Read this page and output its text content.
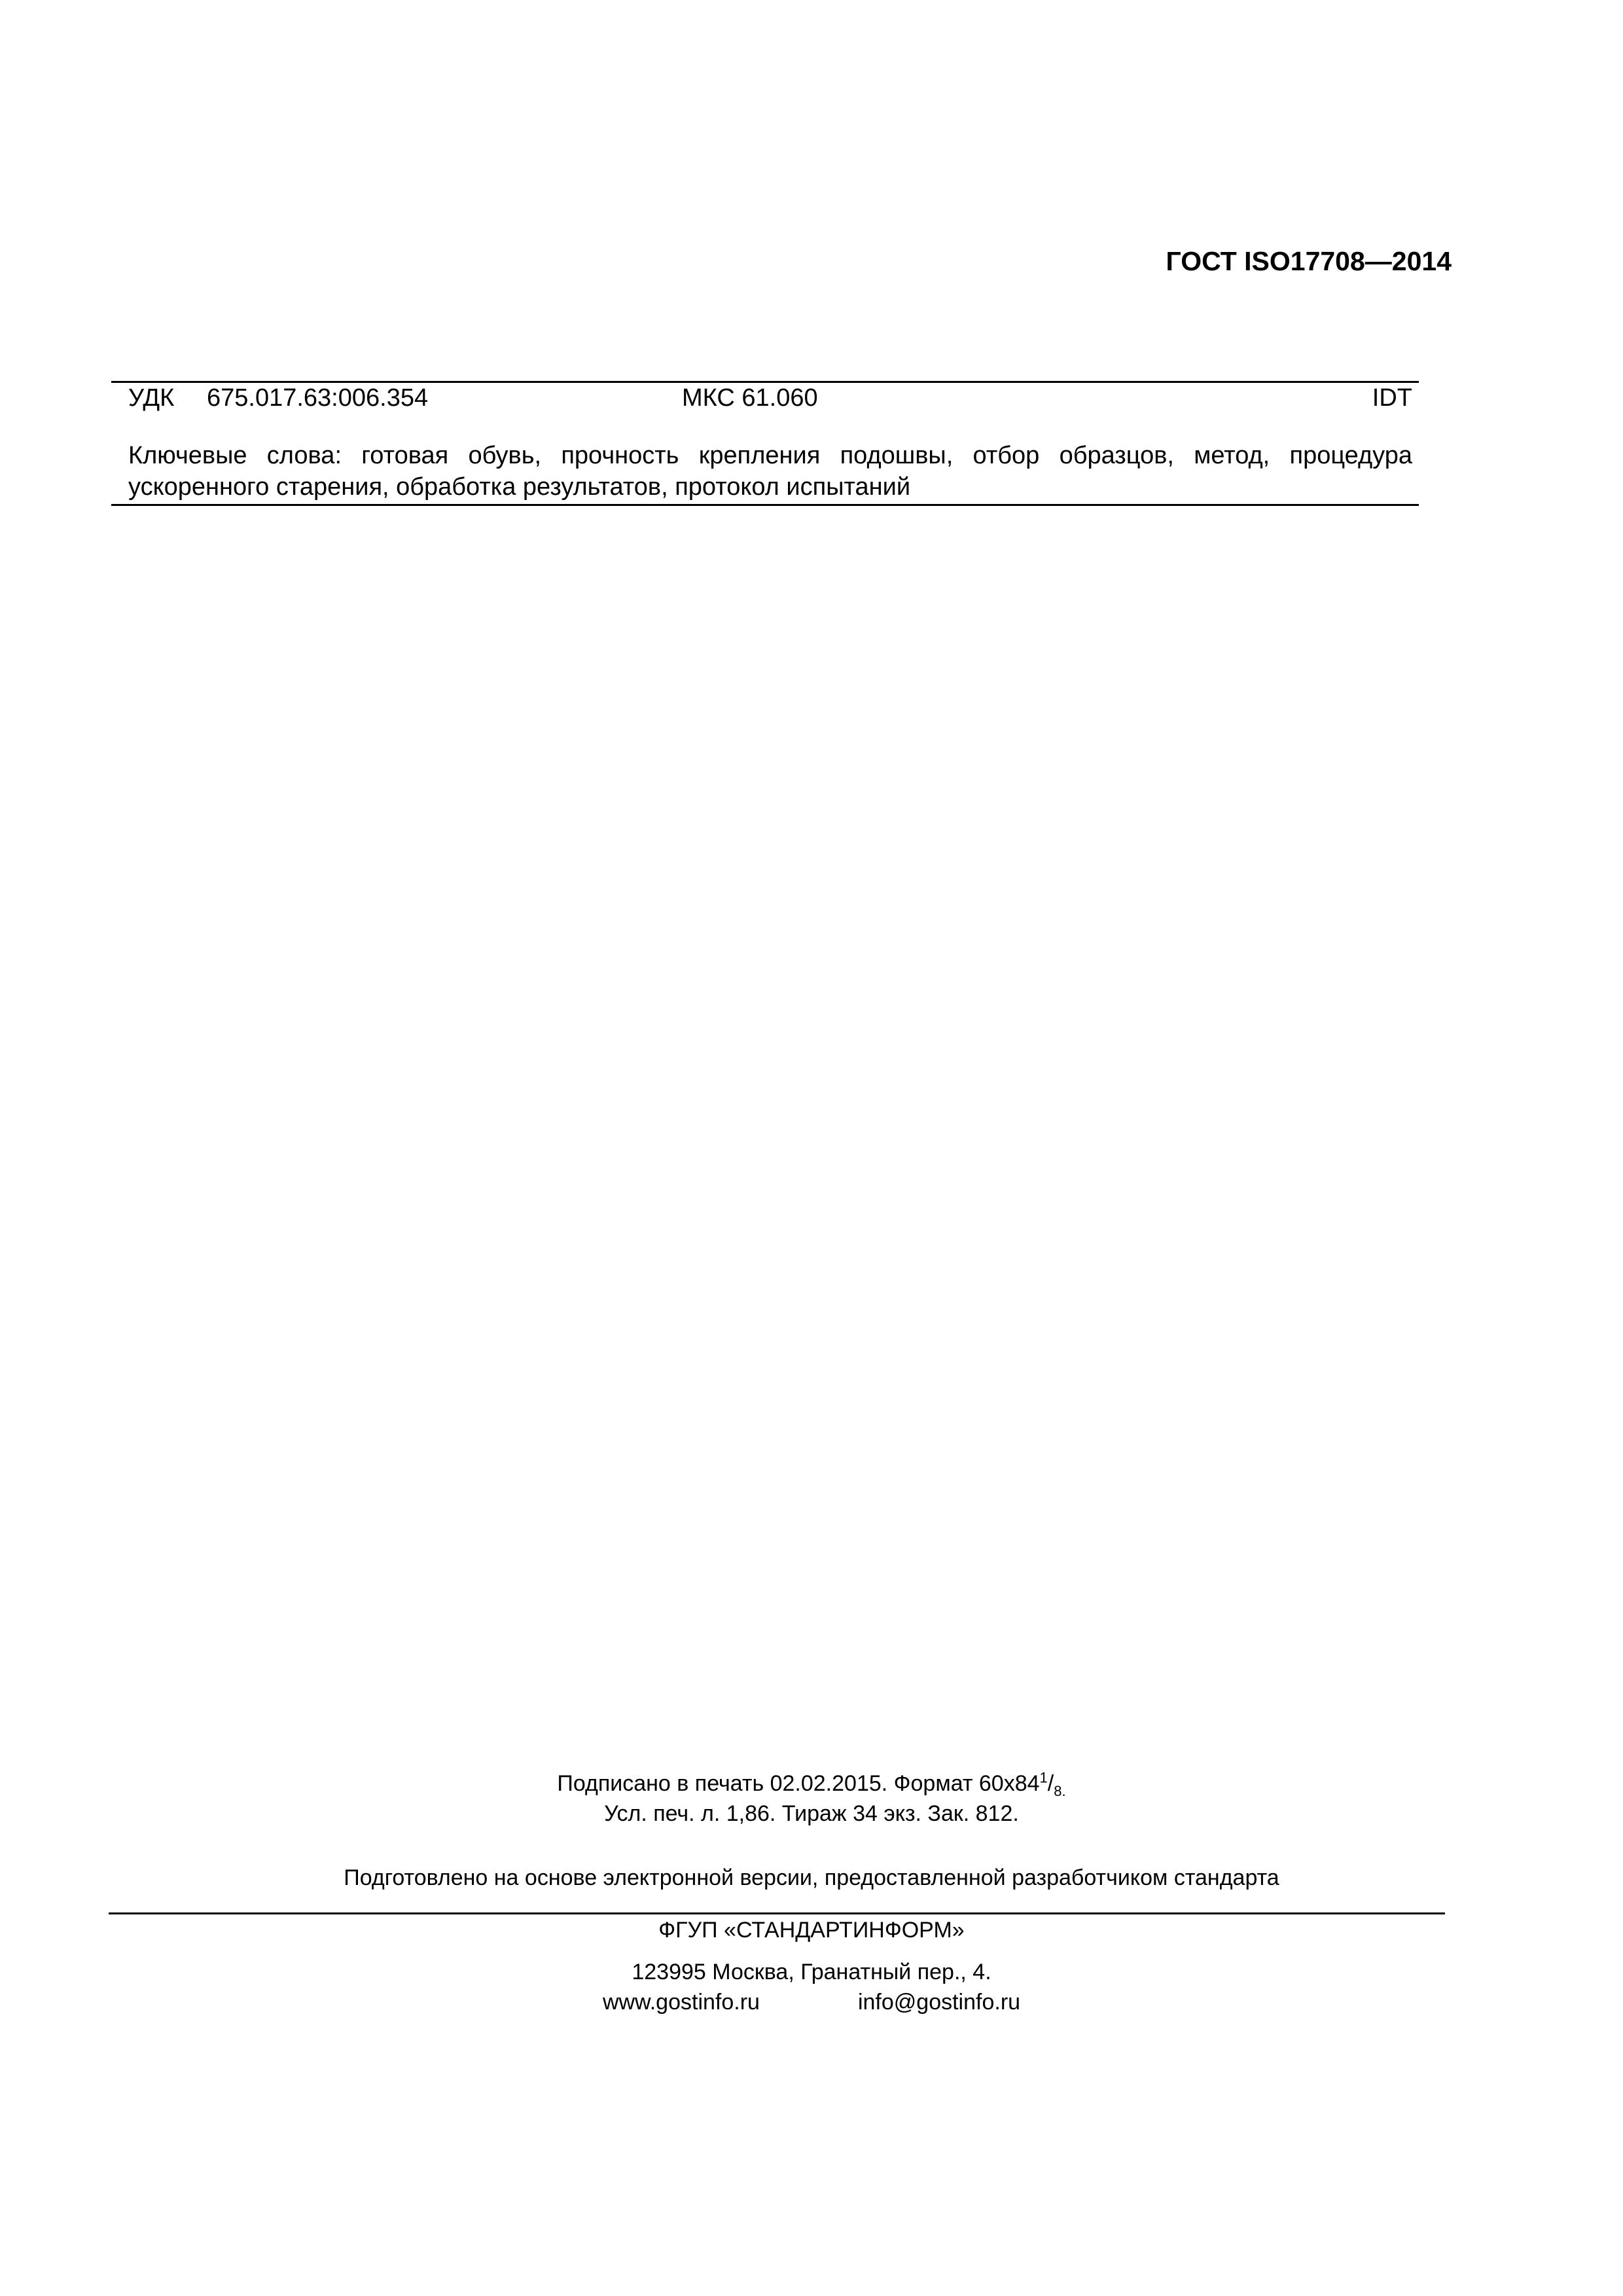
ГОСТ ISO17708—2014
УДК 675.017.63:006.354	МКС 61.060	IDT
Ключевые слова: готовая обувь, прочность крепления подошвы, отбор образцов, метод, процедура ускоренного старения, обработка результатов, протокол испытаний

Подписано в печать 02.02.2015. Формат $60х84^1/_{8.}$

Усл. печ. л. 1,86. Тираж 34 экз. Зак. 812.

Подготовлено на основе электронной версии, предоставленной разработчиком стандарта
ФГУП «СТАНДАРТИНФОРМ»

123995 Москва, Гранатный пер., 4.

www.gostinfo.ru	info@gostinfo.ru
